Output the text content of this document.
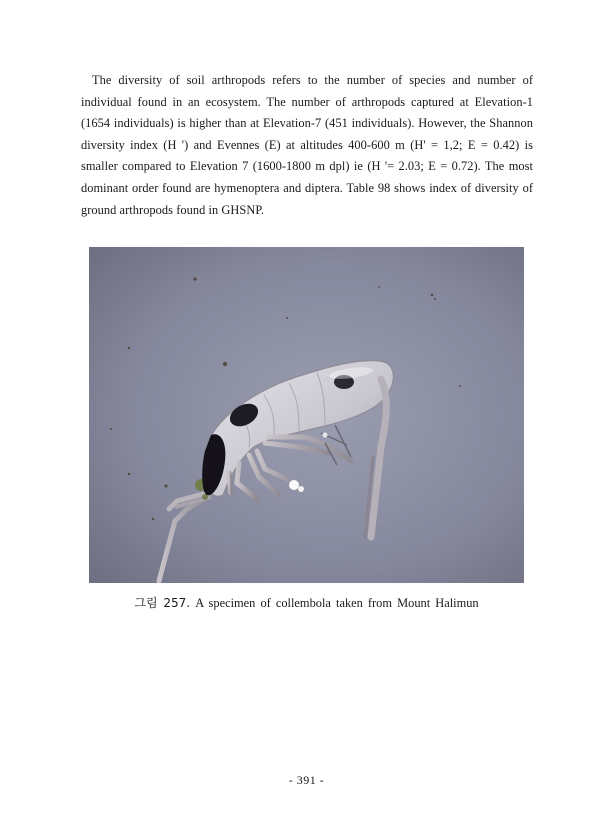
The diversity of soil arthropods refers to the number of species and number of individual found in an ecosystem. The number of arthropods captured at Elevation-1 (1654 individuals) is higher than at Elevation-7 (451 individuals). However, the Shannon diversity index (H ') and Evennes (E) at altitudes 400-600 m (H' = 1,2; E = 0.42) is smaller compared to Elevation 7 (1600-1800 m dpl) ie (H '= 2.03; E = 0.72). The most dominant order found are hymenoptera and diptera. Table 98 shows index of diversity of ground arthropods found in GHSNP.

그림 257. A specimen of collembola taken from Mount Halimun
- 391 -
